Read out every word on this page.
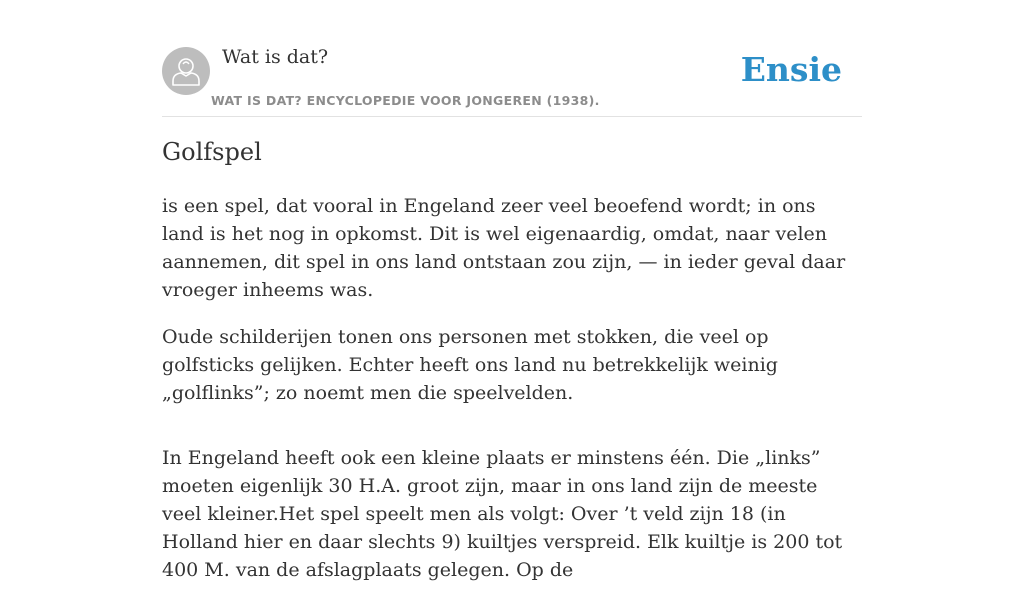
Wat is dat?
WAT IS DAT? ENCYCLOPEDIE VOOR JONGEREN (1938).
Ensie
Golfspel

is een spel, dat vooral in Engeland zeer veel beoefend wordt; in ons land is het nog in opkomst. Dit is wel eigenaardig, omdat, naar velen aannemen, dit spel in ons land ontstaan zou zijn, — in ieder geval daar vroeger inheems was.

Oude schilderijen tonen ons personen met stokken, die veel op golfsticks gelijken. Echter heeft ons land nu betrekkelijk weinig „golflinks”; zo noemt men die speelvelden.

In Engeland heeft ook een kleine plaats er minstens één. Die „links” moeten eigenlijk 30 H.A. groot zijn, maar in ons land zijn de meeste veel kleiner.Het spel speelt men als volgt: Over ’t veld zijn 18 (in Holland hier en daar slechts 9) kuiltjes verspreid. Elk kuiltje is 200 tot 400 M. van de afslagplaats gelegen. Op de
